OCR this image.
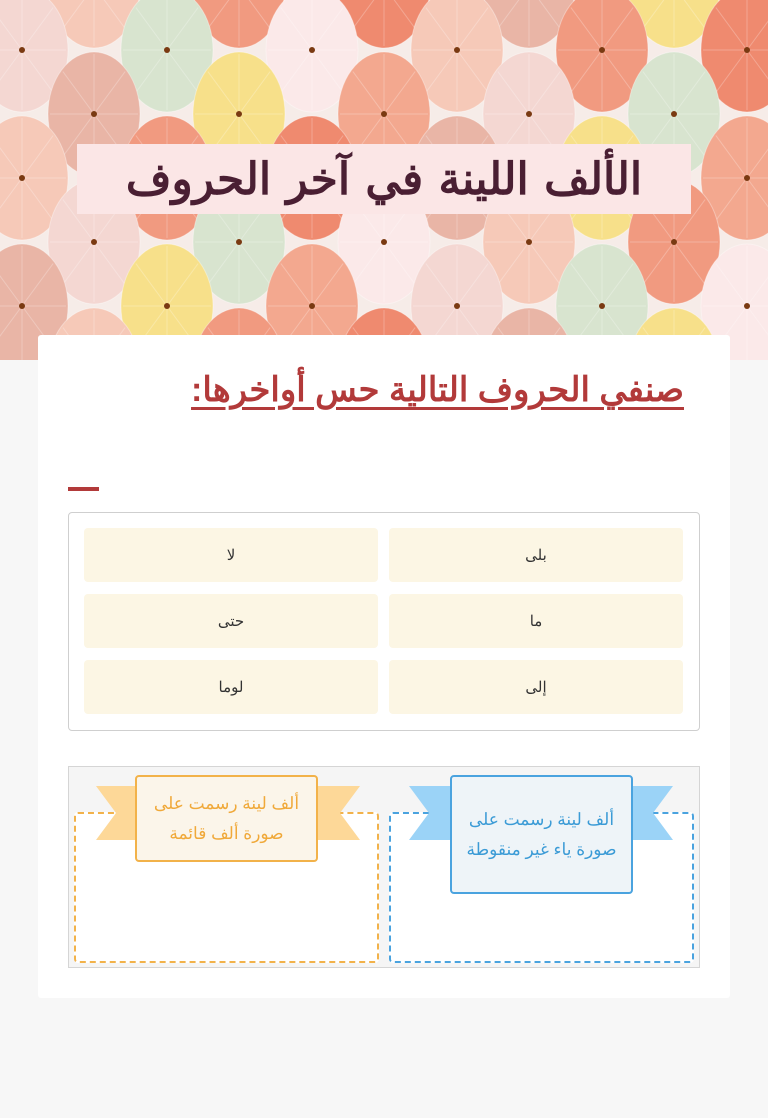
الألف اللينة في آخر الحروف
صنفي الحروف التالية حس أواخرها:
بلى
لا
ما
حتى
إلى
لوما
ألف لينة رسمت على صورة ياء غير منقوطة
ألف لينة رسمت على صورة ألف قائمة
